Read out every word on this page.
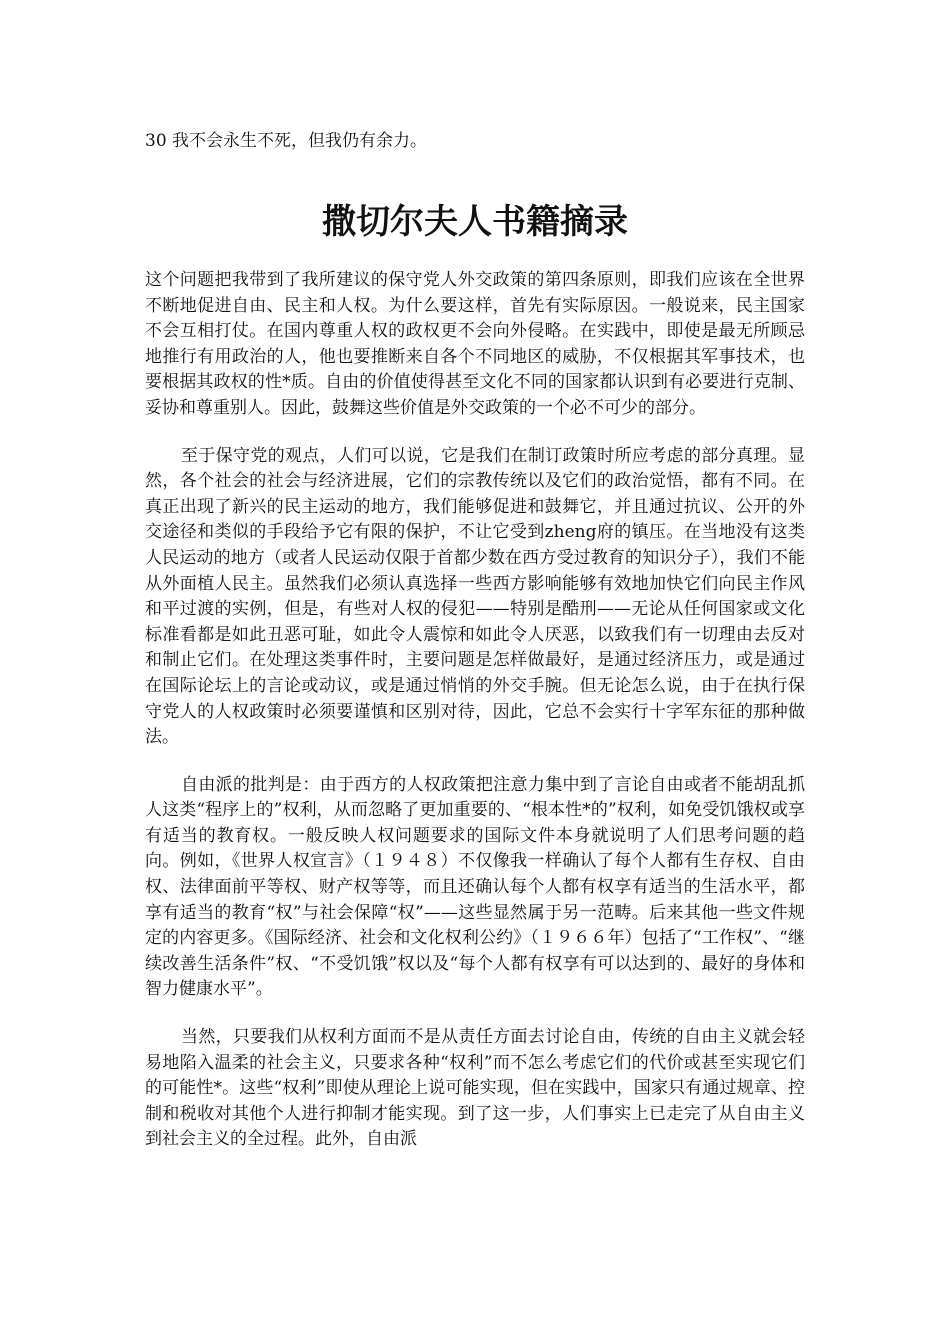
30 我不会永生不死，但我仍有余力。

撒切尔夫人书籍摘录

这个问题把我带到了我所建议的保守党人外交政策的第四条原则，即我们应该在全世界不断地促进自由、民主和人权。为什么要这样，首先有实际原因。一般说来，民主国家不会互相打仗。在国内尊重人权的政权更不会向外侵略。在实践中，即使是最无所顾忌地推行有用政治的人，他也要推断来自各个不同地区的威胁，不仅根据其军事技术，也要根据其政权的性*质。自由的价值使得甚至文化不同的国家都认识到有必要进行克制、妥协和尊重别人。因此，鼓舞这些价值是外交政策的一个必不可少的部分。

至于保守党的观点，人们可以说，它是我们在制订政策时所应考虑的部分真理。显然，各个社会的社会与经济进展，它们的宗教传统以及它们的政治觉悟，都有不同。在真正出现了新兴的民主运动的地方，我们能够促进和鼓舞它，并且通过抗议、公开的外交途径和类似的手段给予它有限的保护，不让它受到zheng府的镇压。在当地没有这类人民运动的地方（或者人民运动仅限于首都少数在西方受过教育的知识分子），我们不能从外面植人民主。虽然我们必须认真选择一些西方影响能够有效地加快它们向民主作风和平过渡的实例，但是，有些对人权的侵犯——特别是酷刑——无论从任何国家或文化标准看都是如此丑恶可耻，如此令人震惊和如此令人厌恶，以致我们有一切理由去反对和制止它们。在处理这类事件时，主要问题是怎样做最好，是通过经济压力，或是通过在国际论坛上的言论或动议，或是通过悄悄的外交手腕。但无论怎么说，由于在执行保守党人的人权政策时必须要谨慎和区别对待，因此，它总不会实行十字军东征的那种做法。

自由派的批判是：由于西方的人权政策把注意力集中到了言论自由或者不能胡乱抓人这类“程序上的”权利，从而忽略了更加重要的、“根本性*的”权利，如免受饥饿权或享有适当的教育权。一般反映人权问题要求的国际文件本身就说明了人们思考问题的趋向。例如，《世界人权宣言》（１９４８）不仅像我一样确认了每个人都有生存权、自由权、法律面前平等权、财产权等等，而且还确认每个人都有权享有适当的生活水平，都享有适当的教育“权”与社会保障“权”——这些显然属于另一范畴。后来其他一些文件规定的内容更多。《国际经济、社会和文化权利公约》（１９６６年）包括了“工作权”、“继续改善生活条件”权、“不受饥饿”权以及“每个人都有权享有可以达到的、最好的身体和智力健康水平”。

当然，只要我们从权利方面而不是从责任方面去讨论自由，传统的自由主义就会轻易地陷入温柔的社会主义，只要求各种“权利”而不怎么考虑它们的代价或甚至实现它们的可能性*。这些“权利”即使从理论上说可能实现，但在实践中，国家只有通过规章、控制和税收对其他个人进行抑制才能实现。到了这一步，人们事实上已走完了从自由主义到社会主义的全过程。此外，自由派
